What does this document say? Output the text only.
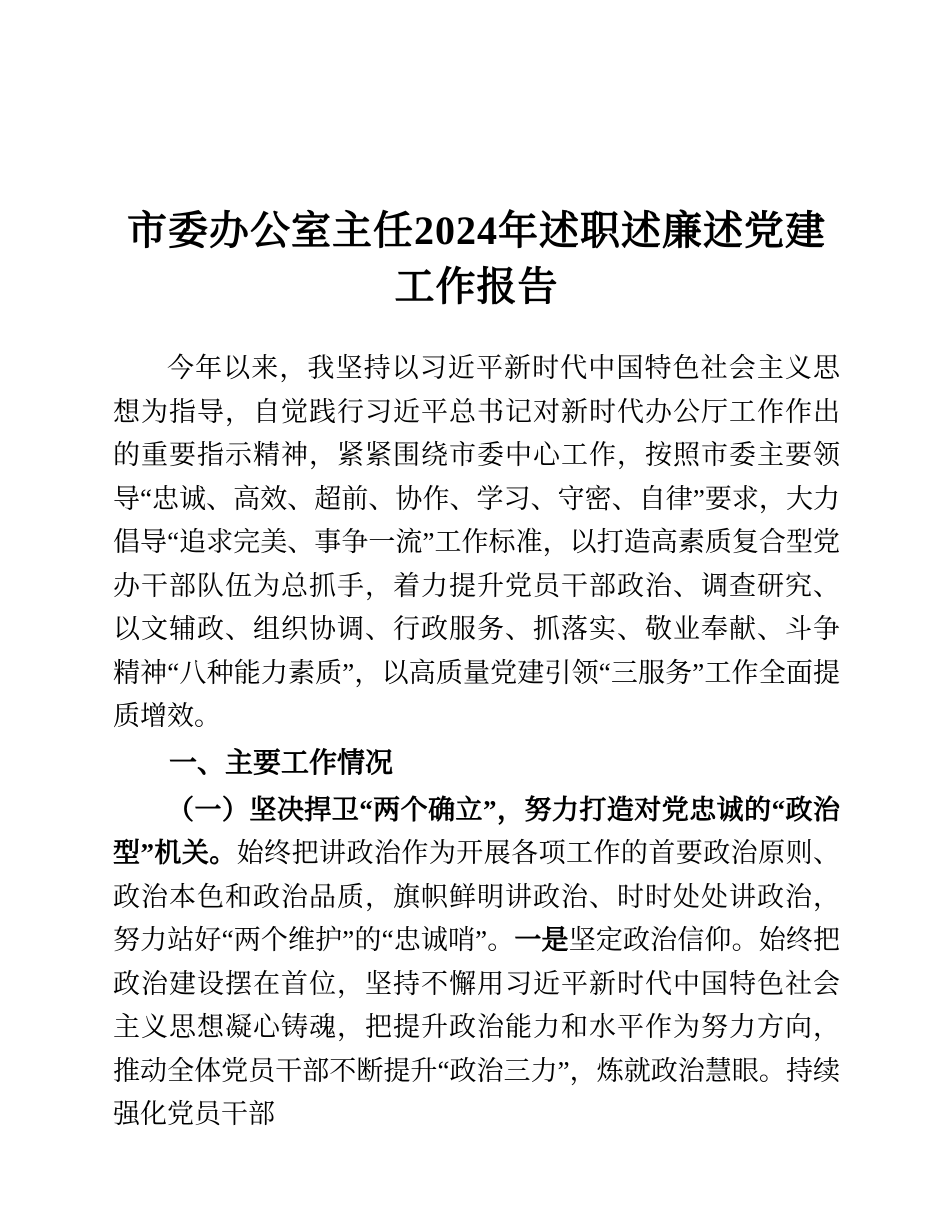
市委办公室主任2024年述职述廉述党建工作报告

今年以来，我坚持以习近平新时代中国特色社会主义思想为指导，自觉践行习近平总书记对新时代办公厅工作作出的重要指示精神，紧紧围绕市委中心工作，按照市委主要领导“忠诚、高效、超前、协作、学习、守密、自律”要求，大力倡导“追求完美、事争一流”工作标准，以打造高素质复合型党办干部队伍为总抓手，着力提升党员干部政治、调查研究、以文辅政、组织协调、行政服务、抓落实、敬业奉献、斗争精神“八种能力素质”，以高质量党建引领“三服务”工作全面提质增效。

一、主要工作情况

（一）坚决捍卫“两个确立”，努力打造对党忠诚的“政治型”机关。始终把讲政治作为开展各项工作的首要政治原则、政治本色和政治品质，旗帜鲜明讲政治、时时处处讲政治，努力站好“两个维护”的“忠诚哨”。一是坚定政治信仰。始终把政治建设摆在首位，坚持不懈用习近平新时代中国特色社会主义思想凝心铸魂，把提升政治能力和水平作为努力方向，推动全体党员干部不断提升“政治三力”，炼就政治慧眼。持续强化党员干部
